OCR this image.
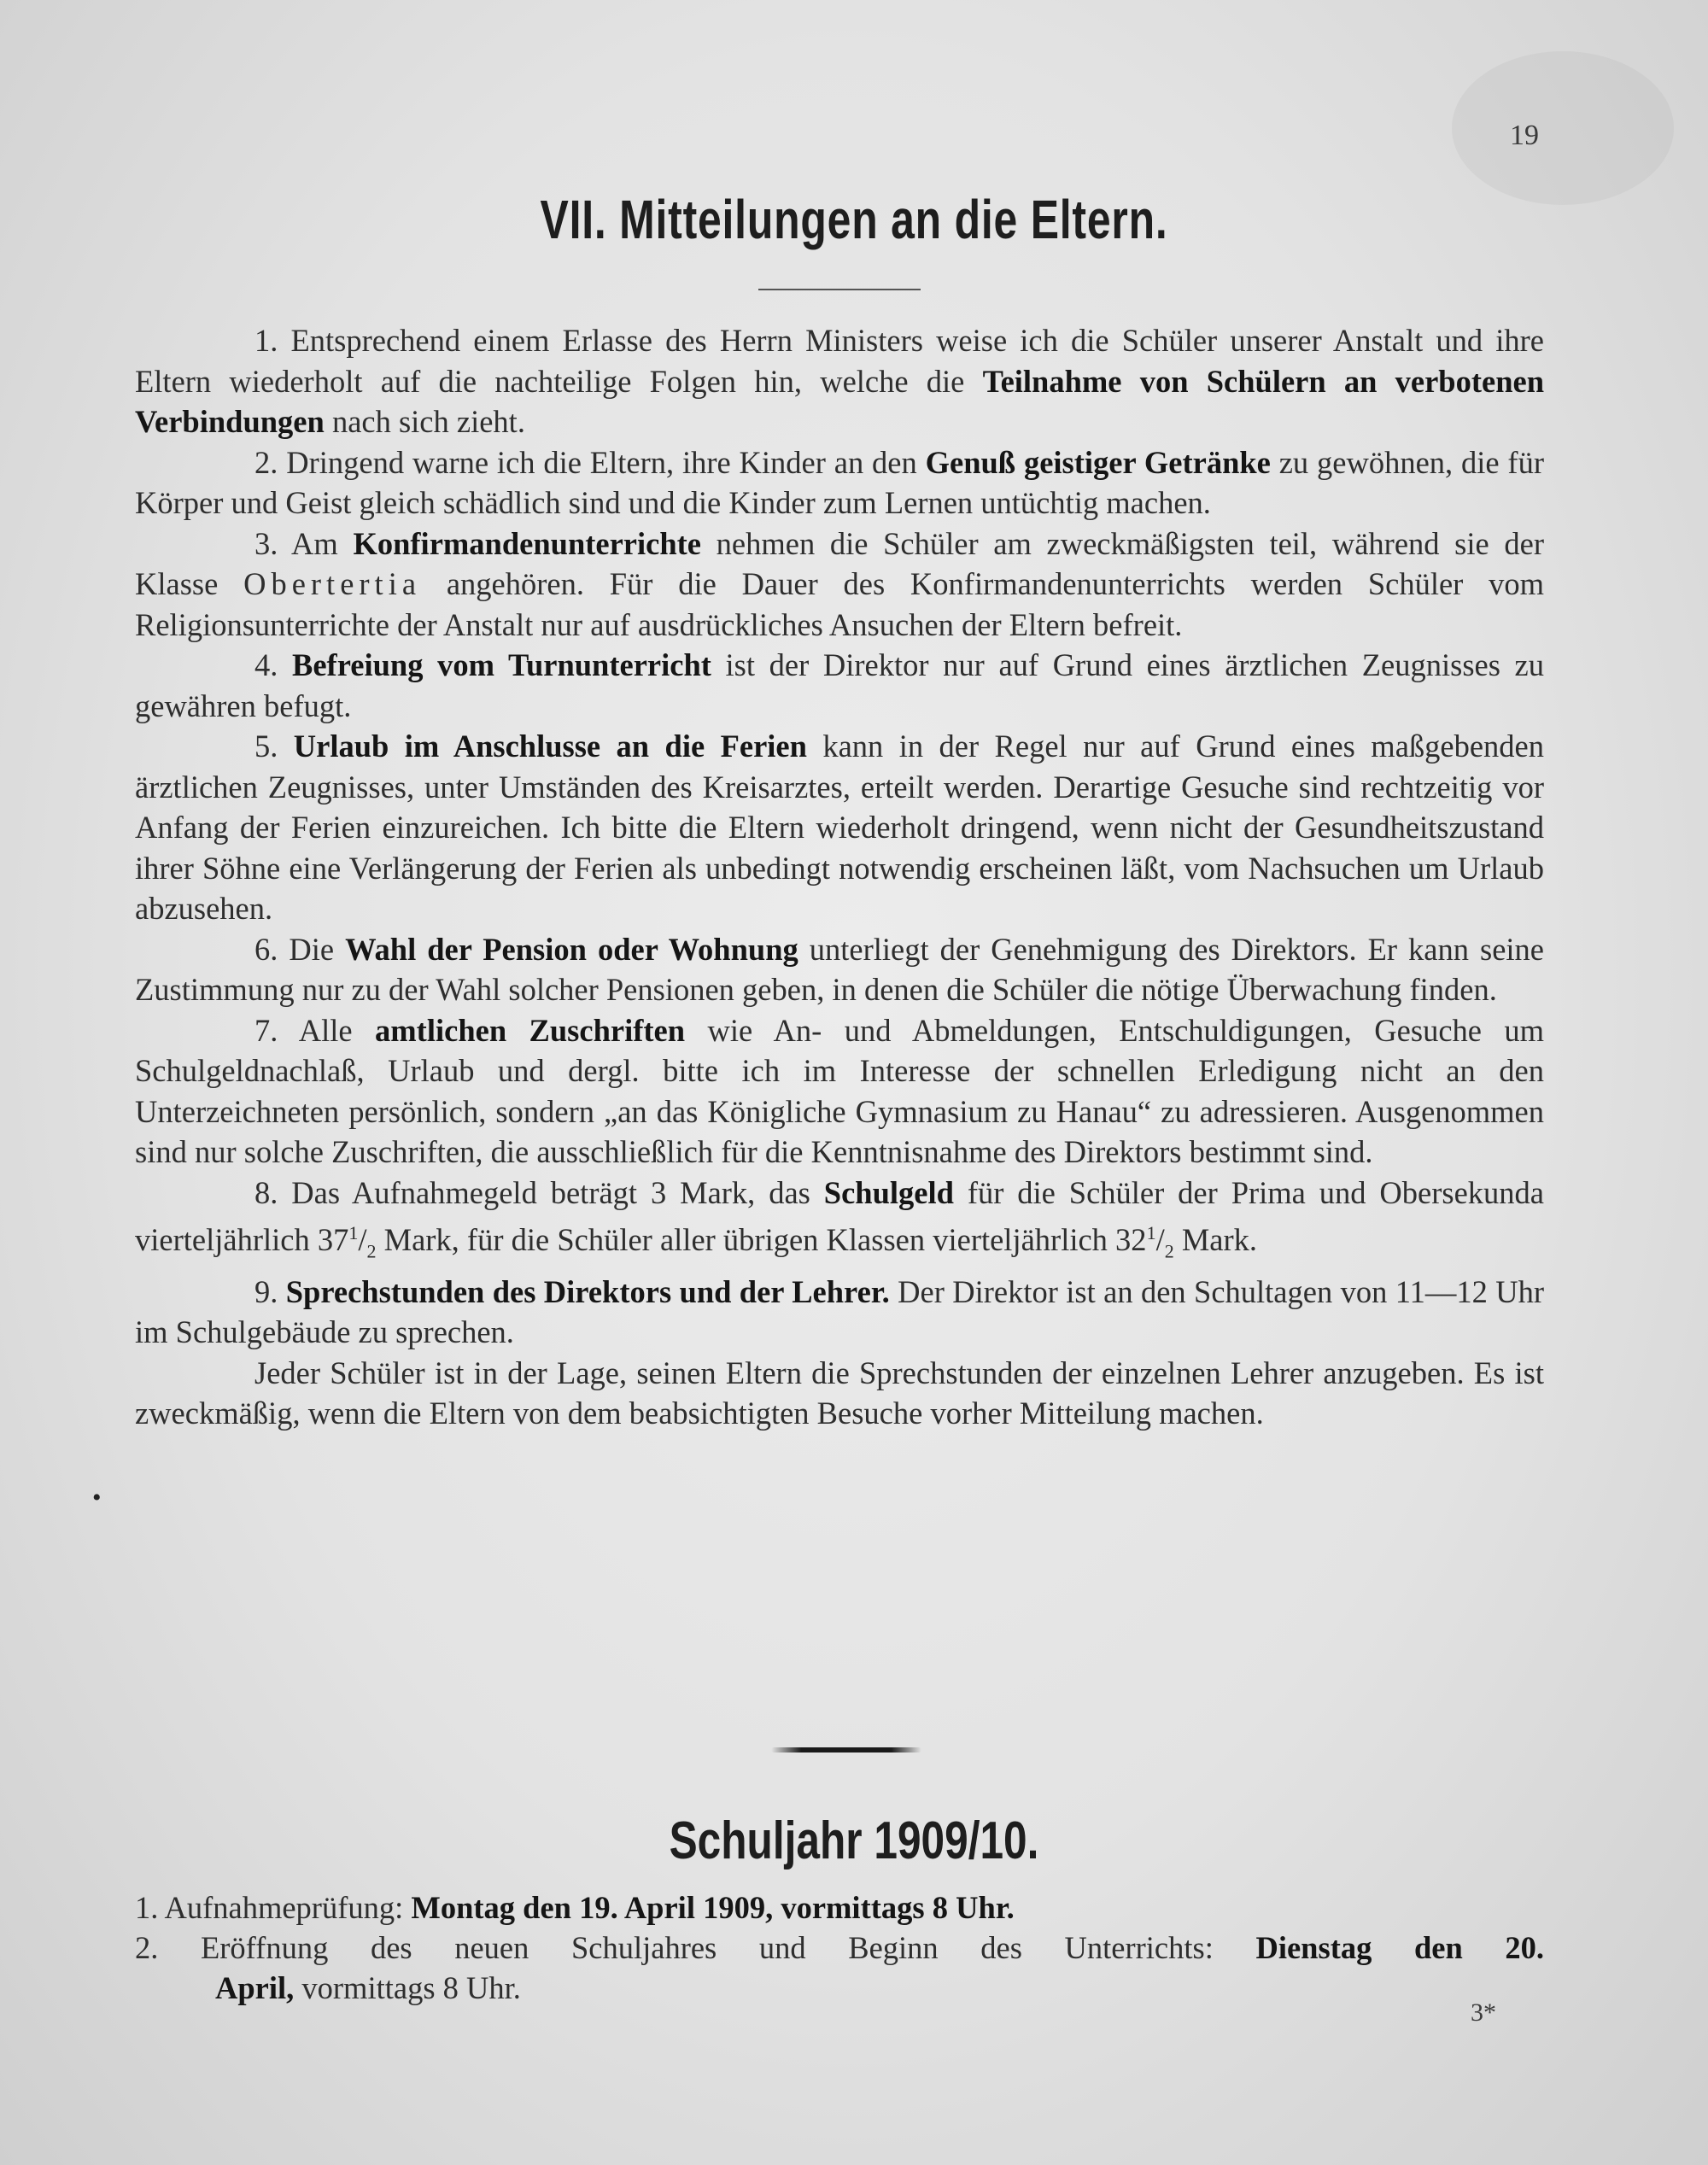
19
VII. Mitteilungen an die Eltern.

1. Entsprechend einem Erlasse des Herrn Ministers weise ich die Schüler unserer Anstalt und ihre Eltern wiederholt auf die nachteilige Folgen hin, welche die Teilnahme von Schülern an verbotenen Verbindungen nach sich zieht.

2. Dringend warne ich die Eltern, ihre Kinder an den Genuß geistiger Getränke zu gewöhnen, die für Körper und Geist gleich schädlich sind und die Kinder zum Lernen untüchtig machen.

3. Am Konfirmandenunterrichte nehmen die Schüler am zweckmäßigsten teil, während sie der Klasse Obertertia angehören. Für die Dauer des Konfirmandenunterrichts werden Schüler vom Religionsunterrichte der Anstalt nur auf ausdrückliches Ansuchen der Eltern befreit.

4. Befreiung vom Turnunterricht ist der Direktor nur auf Grund eines ärztlichen Zeugnisses zu gewähren befugt.

5. Urlaub im Anschlusse an die Ferien kann in der Regel nur auf Grund eines maßgebenden ärztlichen Zeugnisses, unter Umständen des Kreisarztes, erteilt werden. Derartige Gesuche sind rechtzeitig vor Anfang der Ferien einzureichen. Ich bitte die Eltern wiederholt dringend, wenn nicht der Gesundheitszustand ihrer Söhne eine Verlängerung der Ferien als unbedingt notwendig erscheinen läßt, vom Nachsuchen um Urlaub abzusehen.

6. Die Wahl der Pension oder Wohnung unterliegt der Genehmigung des Direktors. Er kann seine Zustimmung nur zu der Wahl solcher Pensionen geben, in denen die Schüler die nötige Überwachung finden.

7. Alle amtlichen Zuschriften wie An- und Abmeldungen, Entschuldigungen, Gesuche um Schulgeldnachlaß, Urlaub und dergl. bitte ich im Interesse der schnellen Erledigung nicht an den Unterzeichneten persönlich, sondern „an das Königliche Gymnasium zu Hanau“ zu adressieren. Ausgenommen sind nur solche Zuschriften, die ausschließlich für die Kenntnisnahme des Direktors bestimmt sind.

8. Das Aufnahmegeld beträgt 3 Mark, das Schulgeld für die Schüler der Prima und Obersekunda vierteljährlich $37^1/_2$ Mark, für die Schüler aller übrigen Klassen vierteljährlich $32^1/_2$ Mark.

9. Sprechstunden des Direktors und der Lehrer. Der Direktor ist an den Schultagen von 11—12 Uhr im Schulgebäude zu sprechen.

Jeder Schüler ist in der Lage, seinen Eltern die Sprechstunden der einzelnen Lehrer anzugeben. Es ist zweckmäßig, wenn die Eltern von dem beabsichtigten Besuche vorher Mitteilung machen.

•
Schuljahr 1909/10.
1. Aufnahmeprüfung: Montag den 19. April 1909, vormittags 8 Uhr.
2. Eröffnung des neuen Schuljahres und Beginn des Unterrichts: Dienstag den 20.
April, vormittags 8 Uhr.
3*
